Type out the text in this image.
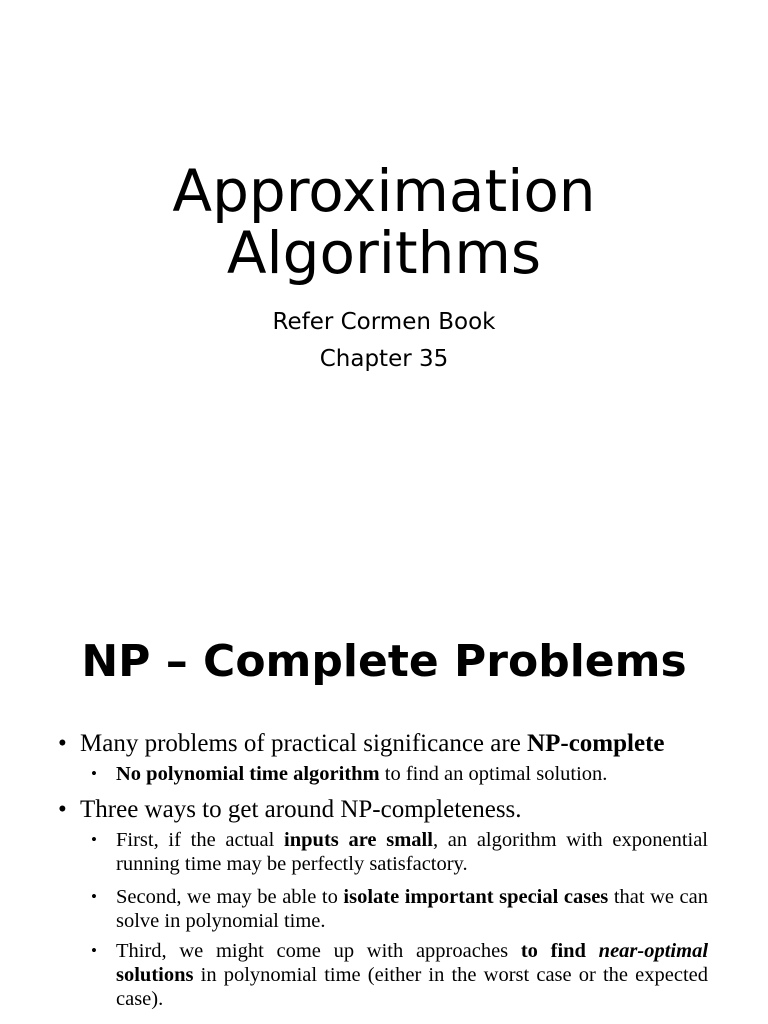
Approximation
Algorithms
Refer Cormen Book
Chapter 35
NP – Complete Problems
• Many problems of practical significance are NP-complete
• No polynomial time algorithm to find an optimal solution.
• Three ways to get around NP-completeness.
• First, if the actual inputs are small, an algorithm with exponential running time may be perfectly satisfactory.
• Second, we may be able to isolate important special cases that we can solve in polynomial time.
• Third, we might come up with approaches to find near-optimal solutions in polynomial time (either in the worst case or the expected case).
